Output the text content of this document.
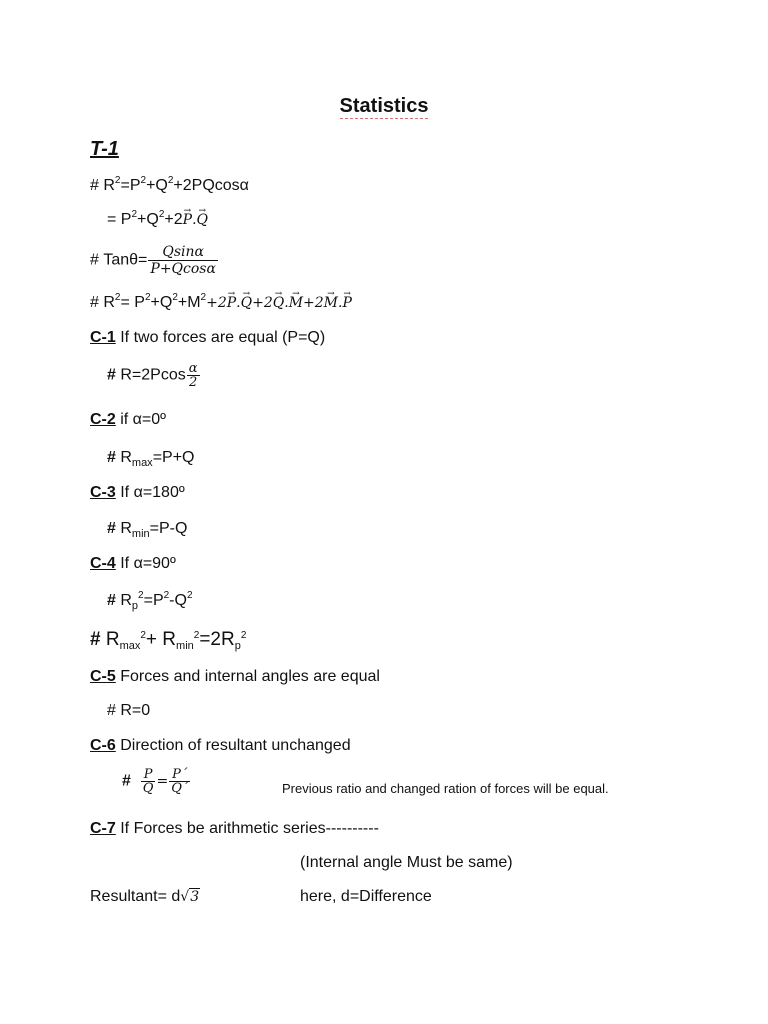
Statistics
T-1
# $R^2=P^2+Q^2+2PQcos\alpha$
= $P^2+Q^2+2\to P.\to Q$
# $Tan\theta= \frac{Qsin\alpha}{P+Qcos\alpha}$
# $R^2= P^2+Q^2+M^2+2\to P.\to Q+2\to Q.\to M+2\to M.\to P$
C-1 If two forces are equal (P=Q)
# $R=2Pcos \frac{\alpha}{2}$
C-2 if α=0º
# $R_{max}=P+Q$
C-3 If α=180º
# $R_{min}=P-Q$
C-4 If α=90º
# $R_p^2=P^2-Q^2$
# $R_{max}^2+ R_{min}^2=2R_p^2$
C-5 Forces and internal angles are equal
# R=0
C-6 Direction of resultant unchanged
# $\frac{P}{Q} = \frac{P´}{Q´}$	Previous ratio and changed ration of forces will be equal.
C-7 If Forces be arithmetic series----------
(Internal angle Must be same)
Resultant= d√3	here, d=Difference
